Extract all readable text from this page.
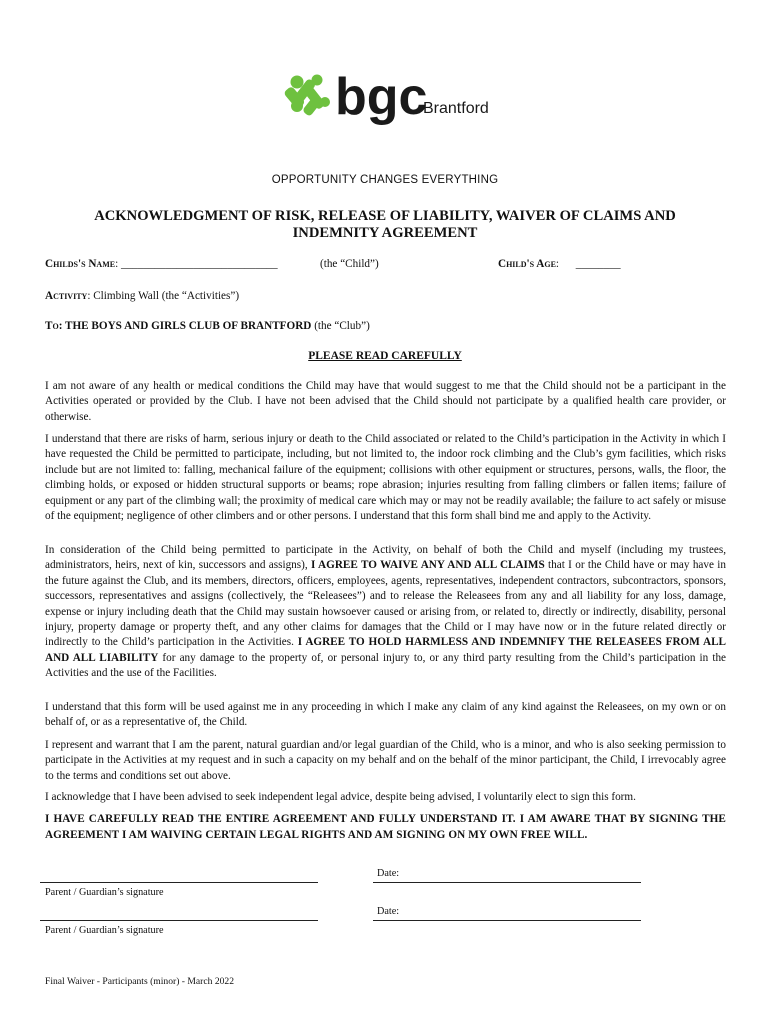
bgc
Brantford
OPPORTUNITY CHANGES EVERYTHING
ACKNOWLEDGMENT OF RISK, RELEASE OF LIABILITY, WAIVER OF CLAIMS AND
INDEMNITY AGREEMENT
Childs's Name: ____________________________	(the “Child”)	Child's Age:      ________
Activity: Climbing Wall (the “Activities”)
To: THE BOYS AND GIRLS CLUB OF BRANTFORD (the “Club”)
PLEASE READ CAREFULLY

I am not aware of any health or medical conditions the Child may have that would suggest to me that the Child should not be a participant in the Activities operated or provided by the Club. I have not been advised that the Child should not participate by a qualified health care provider, or otherwise.

I understand that there are risks of harm, serious injury or death to the Child associated or related to the Child’s participation in the Activity in which I have requested the Child be permitted to participate, including, but not limited to, the indoor rock climbing and the Club’s gym facilities, which risks include but are not limited to: falling, mechanical failure of the equipment; collisions with other equipment or structures, persons, walls, the floor, the climbing holds, or exposed or hidden structural supports or beams; rope abrasion; injuries resulting from falling climbers or fallen items; failure of equipment or any part of the climbing wall; the proximity of medical care which may or may not be readily available; the failure to act safely or misuse of the equipment; negligence of other climbers and or other persons. I understand that this form shall bind me and apply to the Activity.

In consideration of the Child being permitted to participate in the Activity, on behalf of both the Child and myself (including my trustees, administrators, heirs, next of kin, successors and assigns), I AGREE TO WAIVE ANY AND ALL CLAIMS that I or the Child have or may have in the future against the Club, and its members, directors, officers, employees, agents, representatives, independent contractors, subcontractors, sponsors, successors, representatives and assigns (collectively, the “Releasees”) and to release the Releasees from any and all liability for any loss, damage, expense or injury including death that the Child may sustain howsoever caused or arising from, or related to, directly or indirectly, disability, personal injury, property damage or property theft, and any other claims for damages that the Child or I may have now or in the future related directly or indirectly to the Child’s participation in the Activities. I AGREE TO HOLD HARMLESS AND INDEMNIFY THE RELEASEES FROM ALL AND ALL LIABILITY for any damage to the property of, or personal injury to, or any third party resulting from the Child’s participation in the Activities and the use of the Facilities.

I understand that this form will be used against me in any proceeding in which I make any claim of any kind against the Releasees, on my own or on behalf of, or as a representative of, the Child.

I represent and warrant that I am the parent, natural guardian and/or legal guardian of the Child, who is a minor, and who is also seeking permission to participate in the Activities at my request and in such a capacity on my behalf and on the behalf of the minor participant, the Child, I irrevocably agree to the terms and conditions set out above.

I acknowledge that I have been advised to seek independent legal advice, despite being advised, I voluntarily elect to sign this form.

I HAVE CAREFULLY READ THE ENTIRE AGREEMENT AND FULLY UNDERSTAND IT. I AM AWARE THAT BY SIGNING THE AGREEMENT I AM WAIVING CERTAIN LEGAL RIGHTS AND AM SIGNING ON MY OWN FREE WILL.

Date:
Parent / Guardian’s signature
Date:
Parent / Guardian’s signature
Final Waiver - Participants (minor) - March 2022
